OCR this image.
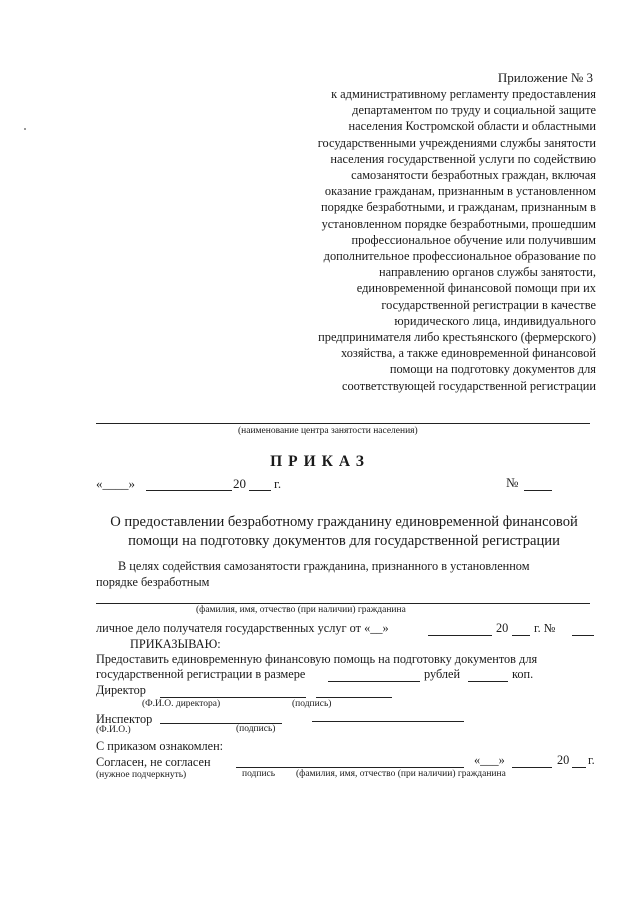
Приложение № 3
к административному регламенту предоставления
департаментом по труду и социальной защите
населения Костромской области и областными
государственными учреждениями службы занятости
населения государственной услуги по содействию
самозанятости безработных граждан, включая
оказание гражданам, признанным в установленном
порядке безработными, и гражданам, признанным в
установленном порядке безработными, прошедшим
профессиональное обучение или получившим
дополнительное профессиональное образование по
направлению органов службы занятости,
единовременной финансовой помощи при их
государственной регистрации в качестве
юридического лица, индивидуального
предпринимателя либо крестьянского (фермерского)
хозяйства, а также единовременной финансовой
помощи на подготовку документов для
соответствующей государственной регистрации
(наименование центра занятости населения)
ПРИКАЗ
«____»	20 г.	№
О предоставлении безработному гражданину единовременной финансовой
помощи на подготовку документов для государственной регистрации
В целях содействия самозанятости гражданина, признанного в установленном
порядке безработным
(фамилия, имя, отчество (при наличии) гражданина
личное дело получателя государственных услуг от «__»	20 г. №
ПРИКАЗЫВАЮ:
Предоставить единовременную финансовую помощь на подготовку документов для
государственной регистрации в размере	рублей	коп.
Директор
(Ф.И.О. директора)	(подпись)
Инспектор
(Ф.И.О.)	(подпись)
С приказом ознакомлен:
Согласен, не согласен	«___»	20 г.
(нужное подчеркнуть)	подпись (фамилия, имя, отчество (при наличии) гражданина
